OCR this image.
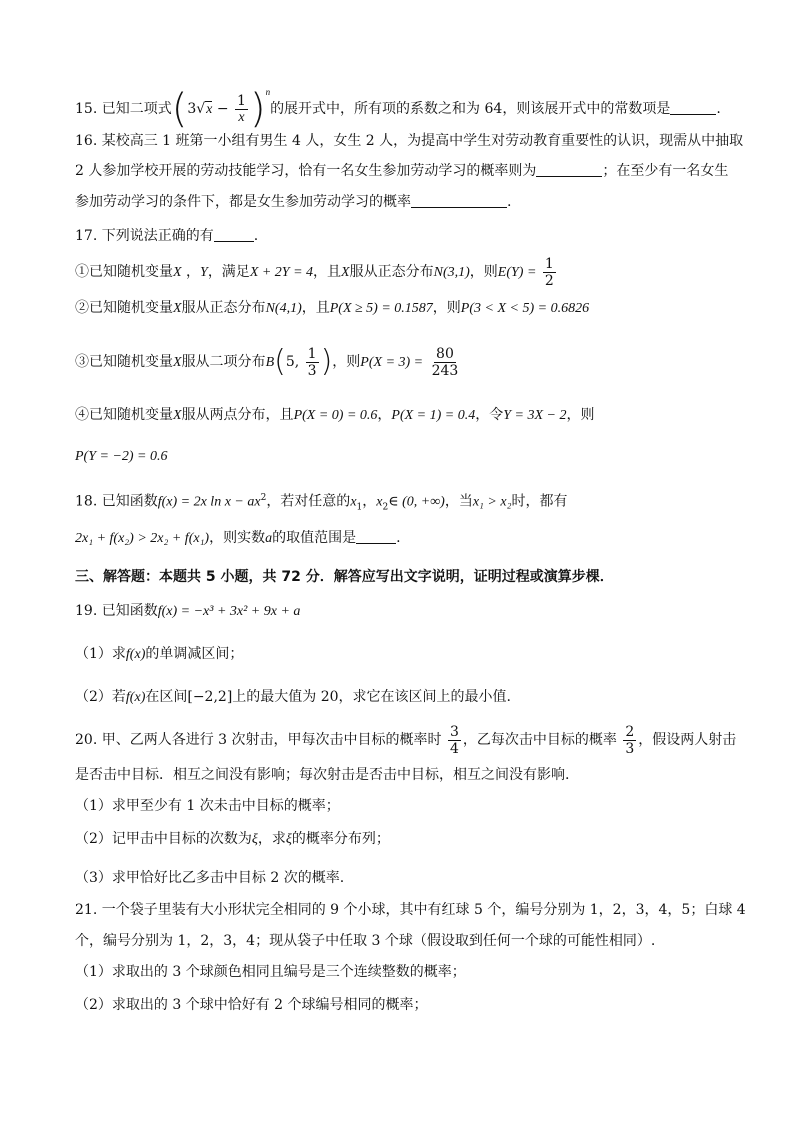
15. 已知二项式$(3√x - \frac{1}{x} )^n$的展开式中，所有项的系数之和为 64，则该展开式中的常数项是	.
16. 某校高三 1 班第一小组有男生 4 人，女生 2 人，为提高中学生对劳动教育重要性的认识，现需从中抽取
2 人参加学校开展的劳动技能学习，恰有一名女生参加劳动学习的概率则为	；在至少有一名女生
参加劳动学习的条件下，都是女生参加劳动学习的概率	.
17. 下列说法正确的有	.
①已知随机变量X ，Y，满足X + 2Y = 4，且X服从正态分布N(3,1)，则$E(Y) = \frac{1}{2}$
②已知随机变量X服从正态分布N(4,1)，且P(X ≥ 5) = 0.1587，则P(3 < X < 5) = 0.6826
③已知随机变量X服从二项分布B(5, $\frac{1}{3}$ )，则$P(X = 3) = \frac{80}{243}$
④已知随机变量X服从两点分布，且P(X = 0) = 0.6，P(X = 1) = 0.4，令Y = 3X − 2，则
P(Y = −2) = 0.6
18. 已知函数f(x) = 2x $\ln x - ax^2$，若对任意的$x_1$，$x_2\in$ (0, +∞)，当x₁ > x₂时，都有
2x₁ + f(x₂) > 2x₂ + f(x₁)，则实数a的取值范围是	.
三、解答题：本题共 5 小题，共 72 分．解答应写出文字说明，证明过程或演算步棵．
19. 已知函数f(x) = −x³ + 3x² + 9x + a
（1）求f(x)的单调减区间；
（2）若f(x)在区间[−2,2]上的最大值为 20，求它在该区间上的最小值.
20. 甲、乙两人各进行 3 次射击，甲每次击中目标的概率时 $\frac{3}{4}$ ，乙每次击中目标的概率 $\frac{2}{3}$ ，假设两人射击
是否击中目标．相互之间没有影响；每次射击是否击中目标，相互之间没有影响.
（1）求甲至少有 1 次未击中目标的概率；
（2）记甲击中目标的次数为ξ，求ξ的概率分布列；
（3）求甲恰好比乙多击中目标 2 次的概率.
21. 一个袋子里装有大小形状完全相同的 9 个小球，其中有红球 5 个，编号分别为 1，2，3，4，5；白球 4
个，编号分别为 1，2，3，4；现从袋子中任取 3 个球（假设取到任何一个球的可能性相同）.
（1）求取出的 3 个球颜色相同且编号是三个连续整数的概率；
（2）求取出的 3 个球中恰好有 2 个球编号相同的概率；
